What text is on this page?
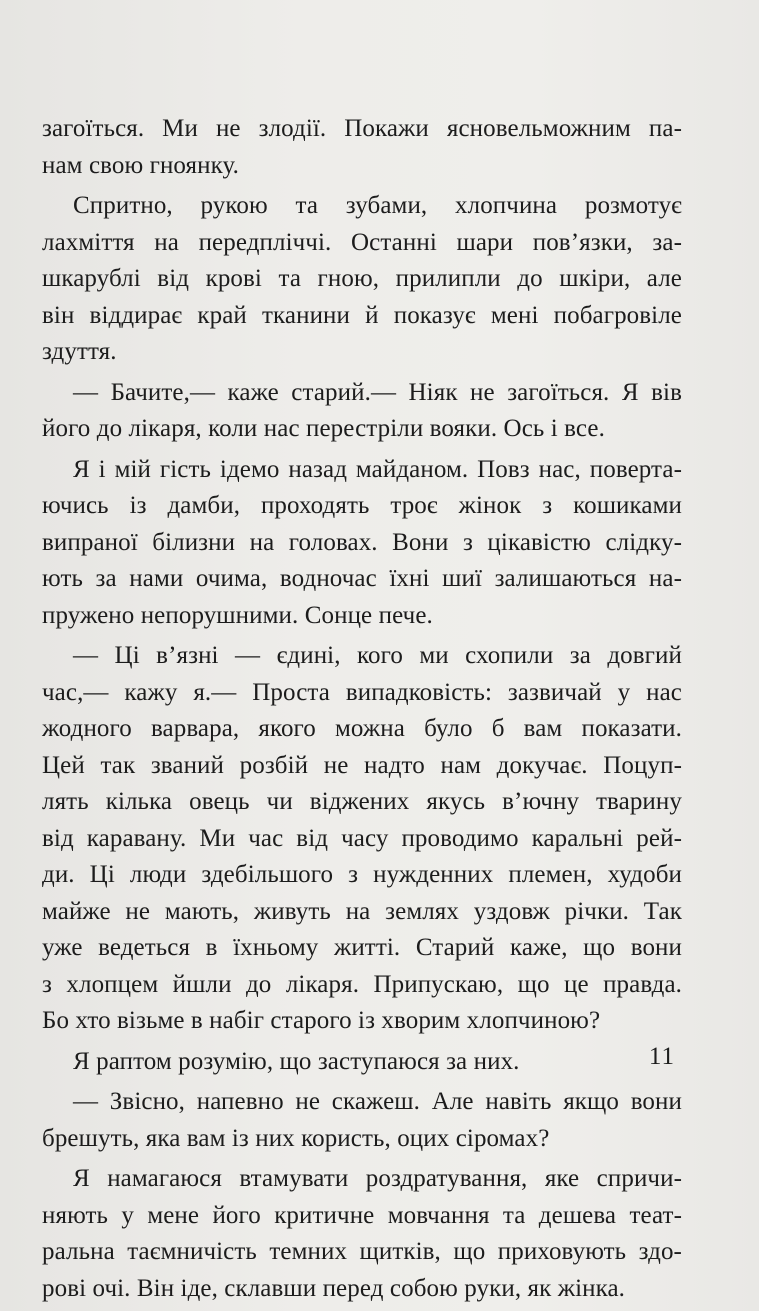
загоїться. Ми не злодії. Покажи ясновельможним па-
нам свою гноянку.
Спритно, рукою та зубами, хлопчина розмотує
лахміття на передпліччі. Останні шари пов’язки, за-
шкарублі від крові та гною, прилипли до шкіри, але
він віддирає край тканини й показує мені побагровіле
здуття.
— Бачите,— каже старий.— Ніяк не загоїться. Я вів
його до лікаря, коли нас перестріли вояки. Ось і все.
Я і мій гість ідемо назад майданом. Повз нас, поверта-
ючись із дамби, проходять троє жінок з кошиками
випраної білизни на головах. Вони з цікавістю слідку-
ють за нами очима, водночас їхні шиї залишаються на-
пружено непорушними. Сонце пече.
— Ці в’язні — єдині, кого ми схопили за довгий
час,— кажу я.— Проста випадковість: зазвичай у нас
жодного варвара, якого можна було б вам показати.
Цей так званий розбій не надто нам докучає. Поцуп-
лять кілька овець чи віджених якусь в’ючну тварину
від каравану. Ми час від часу проводимо каральні рей-
ди. Ці люди здебільшого з нужденних племен, худоби
майже не мають, живуть на землях уздовж річки. Так
уже ведеться в їхньому житті. Старий каже, що вони
з хлопцем йшли до лікаря. Припускаю, що це правда.
Бо хто візьме в набіг старого із хворим хлопчиною?
Я раптом розумію, що заступаюся за них.
— Звісно, напевно не скажеш. Але навіть якщо вони
брешуть, яка вам із них користь, оцих сіромах?
Я намагаюся втамувати роздратування, яке спричи-
няють у мене його критичне мовчання та дешева теат-
ральна таємничість темних щитків, що приховують здо-
рові очі. Він іде, склавши перед собою руки, як жінка.
11
